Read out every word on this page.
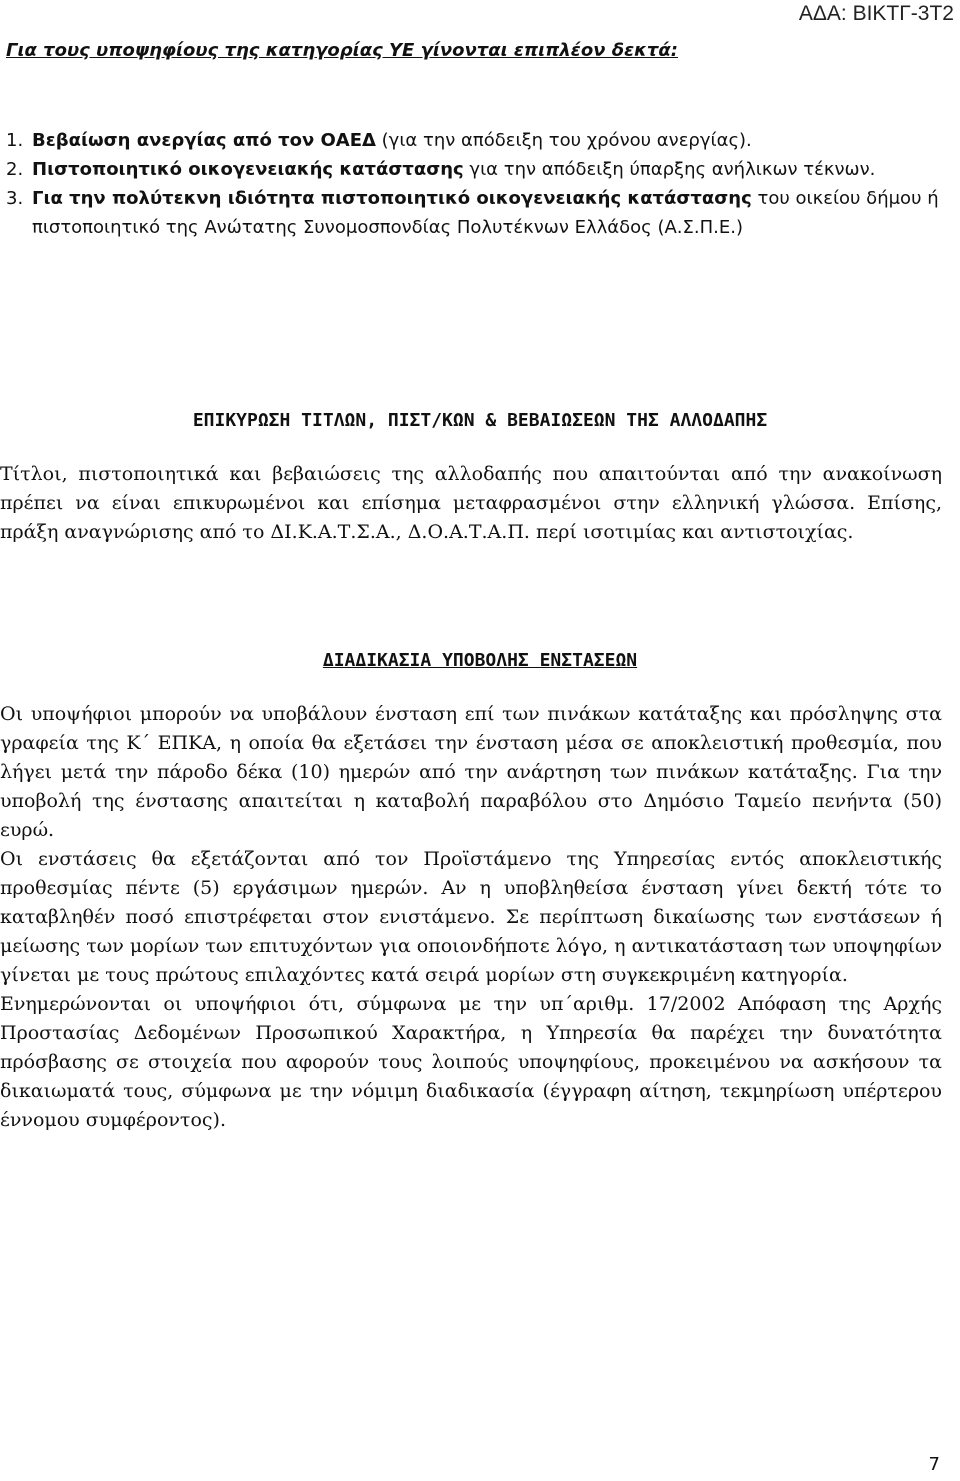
ΑΔΑ: ΒΙΚΤΓ-3Τ2
Για τους υποψηφίους της κατηγορίας ΥΕ γίνονται επιπλέον δεκτά:
1. Βεβαίωση ανεργίας από τον ΟΑΕΔ (για την απόδειξη του χρόνου ανεργίας).
2. Πιστοποιητικό οικογενειακής κατάστασης για την απόδειξη ύπαρξης ανήλικων τέκνων.
3. Για την πολύτεκνη ιδιότητα πιστοποιητικό οικογενειακής κατάστασης του οικείου δήμου ή πιστοποιητικό της Ανώτατης Συνομοσπονδίας Πολυτέκνων Ελλάδος (Α.Σ.Π.Ε.)
ΕΠΙΚΥΡΩΣΗ ΤΙΤΛΩΝ, ΠΙΣΤ/ΚΩΝ & ΒΕΒΑΙΩΣΕΩΝ ΤΗΣ ΑΛΛΟΔΑΠΗΣ

Τίτλοι, πιστοποιητικά και βεβαιώσεις της αλλοδαπής που απαιτούνται από την ανακοίνωση πρέπει να είναι επικυρωμένοι και επίσημα μεταφρασμένοι στην ελληνική γλώσσα. Επίσης, πράξη αναγνώρισης από το ΔΙ.Κ.Α.Τ.Σ.Α., Δ.Ο.Α.Τ.Α.Π. περί ισοτιμίας και αντιστοιχίας.

ΔΙΑΔΙΚΑΣΙΑ ΥΠΟΒΟΛΗΣ ΕΝΣΤΑΣΕΩΝ
Οι υποψήφιοι μπορούν να υποβάλουν ένσταση επί των πινάκων κατάταξης και πρόσληψης στα γραφεία της Κ΄ ΕΠΚΑ, η οποία θα εξετάσει την ένσταση μέσα σε αποκλειστική προθεσμία, που λήγει μετά την πάροδο δέκα (10) ημερών από την ανάρτηση των πινάκων κατάταξης. Για την υποβολή της ένστασης απαιτείται η καταβολή παραβόλου στο Δημόσιο Ταμείο πενήντα (50) ευρώ.
Οι ενστάσεις θα εξετάζονται από τον Προϊστάμενο της Υπηρεσίας εντός αποκλειστικής προθεσμίας πέντε (5) εργάσιμων ημερών. Αν η υποβληθείσα ένσταση γίνει δεκτή τότε το καταβληθέν ποσό επιστρέφεται στον ενιστάμενο. Σε περίπτωση δικαίωσης των ενστάσεων ή μείωσης των μορίων των επιτυχόντων για οποιονδήποτε λόγο, η αντικατάσταση των υποψηφίων γίνεται με τους πρώτους επιλαχόντες κατά σειρά μορίων στη συγκεκριμένη κατηγορία.
Ενημερώνονται οι υποψήφιοι ότι, σύμφωνα με την υπ΄αριθμ. 17/2002 Απόφαση της Αρχής Προστασίας Δεδομένων Προσωπικού Χαρακτήρα, η Υπηρεσία θα παρέχει την δυνατότητα πρόσβασης σε στοιχεία που αφορούν τους λοιπούς υποψηφίους, προκειμένου να ασκήσουν τα δικαιωματά τους, σύμφωνα με την νόμιμη διαδικασία (έγγραφη αίτηση, τεκμηρίωση υπέρτερου έννομου συμφέροντος).
7
